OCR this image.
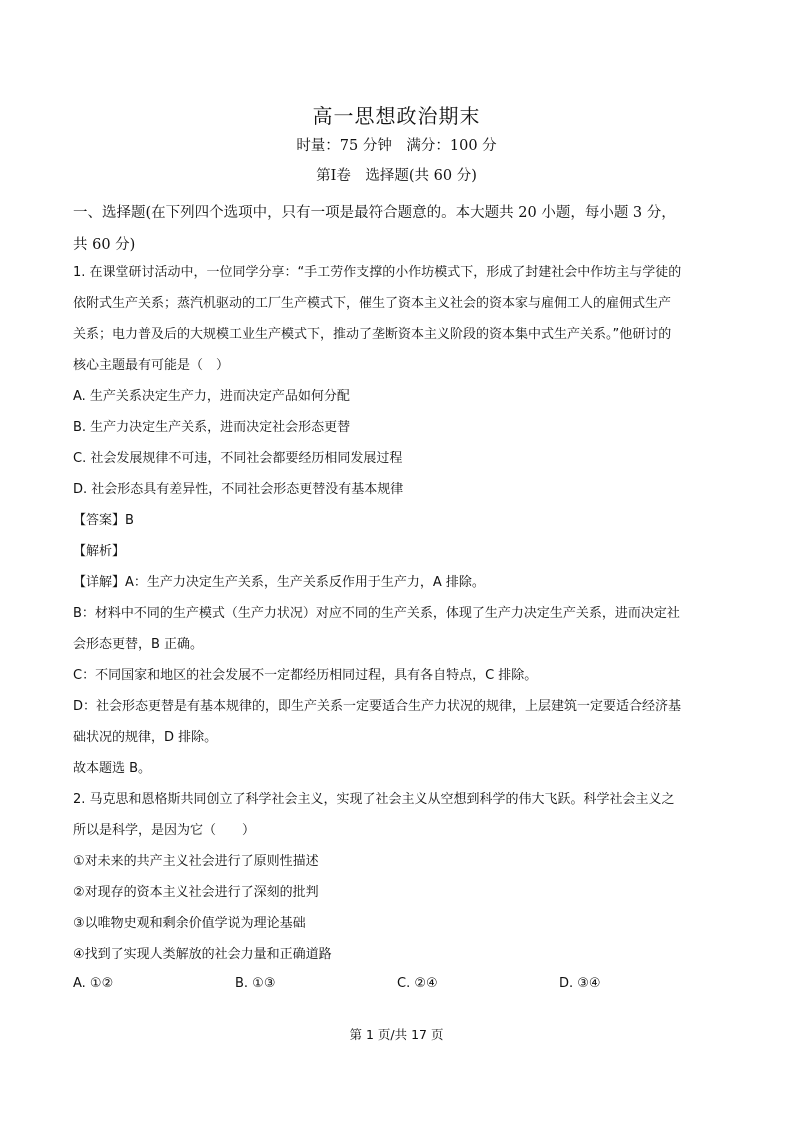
高一思想政治期末
时量：75 分钟　满分：100 分
第Ⅰ卷　选择题(共 60 分)
一、选择题(在下列四个选项中，只有一项是最符合题意的。本大题共 20 小题，每小题 3 分，
共 60 分)
1. 在课堂研讨活动中，一位同学分享：“手工劳作支撑的小作坊模式下，形成了封建社会中作坊主与学徒的
依附式生产关系；蒸汽机驱动的工厂生产模式下，催生了资本主义社会的资本家与雇佣工人的雇佣式生产
关系；电力普及后的大规模工业生产模式下，推动了垄断资本主义阶段的资本集中式生产关系。”他研讨的
核心主题最有可能是（　）
A. 生产关系决定生产力，进而决定产品如何分配
B. 生产力决定生产关系，进而决定社会形态更替
C. 社会发展规律不可违，不同社会都要经历相同发展过程
D. 社会形态具有差异性，不同社会形态更替没有基本规律
【答案】B
【解析】
【详解】A：生产力决定生产关系，生产关系反作用于生产力，A 排除。
B：材料中不同的生产模式（生产力状况）对应不同的生产关系，体现了生产力决定生产关系，进而决定社
会形态更替，B 正确。
C：不同国家和地区的社会发展不一定都经历相同过程，具有各自特点，C 排除。
D：社会形态更替是有基本规律的，即生产关系一定要适合生产力状况的规律，上层建筑一定要适合经济基
础状况的规律，D 排除。
故本题选 B。
2. 马克思和恩格斯共同创立了科学社会主义，实现了社会主义从空想到科学的伟大飞跃。科学社会主义之
所以是科学，是因为它（　　）
①对未来的共产主义社会进行了原则性描述
②对现存的资本主义社会进行了深刻的批判
③以唯物史观和剩余价值学说为理论基础
④找到了实现人类解放的社会力量和正确道路
A. ①②	B. ①③	C. ②④	D. ③④
第 1 页/共 17 页
